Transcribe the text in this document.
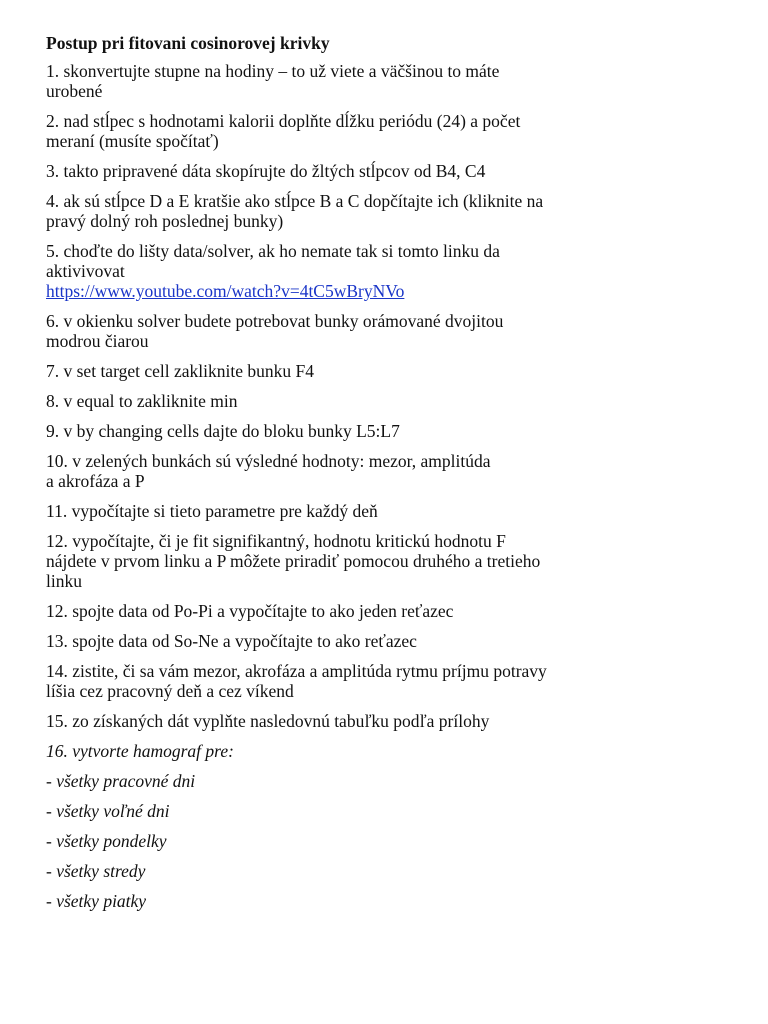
Postup pri fitovani cosinorovej krivky
1. skonvertujte stupne na hodiny – to už viete a väčšinou to máte
urobené
2. nad stĺpec s hodnotami kalorii doplňte dĺžku periódu (24) a počet
meraní (musíte spočítať)
3. takto pripravené dáta skopírujte do žltých stĺpcov od B4, C4
4. ak sú stĺpce D a E kratšie ako stĺpce B a C dopčítajte ich (kliknite na
pravý dolný roh poslednej bunky)
5. choďte do lišty data/solver, ak ho nemate tak si tomto linku da
aktivivovat
https://www.youtube.com/watch?v=4tC5wBryNVo
6. v okienku solver budete potrebovat bunky orámované dvojitou
modrou čiarou
7. v set target cell zakliknite bunku F4
8. v equal to zakliknite min
9. v by changing cells dajte do bloku bunky L5:L7
10. v zelených bunkách sú výsledné hodnoty: mezor, amplitúda
a akrofáza a P
11. vypočítajte si tieto parametre pre každý deň
12. vypočítajte, či je fit signifikantný, hodnotu kritickú hodnotu F
nájdete v prvom linku a P môžete priradiť pomocou druhého a tretieho
linku
12. spojte data od Po-Pi a vypočítajte to ako jeden reťazec
13. spojte data od So-Ne a vypočítajte to ako reťazec
14. zistite, či sa vám mezor, akrofáza a amplitúda rytmu príjmu potravy
líšia cez pracovný deň a cez víkend
15. zo získaných dát vyplňte nasledovnú tabuľku podľa prílohy
16. vytvorte hamograf pre:
- všetky pracovné dni
- všetky voľné dni
- všetky pondelky
- všetky stredy
- všetky piatky
